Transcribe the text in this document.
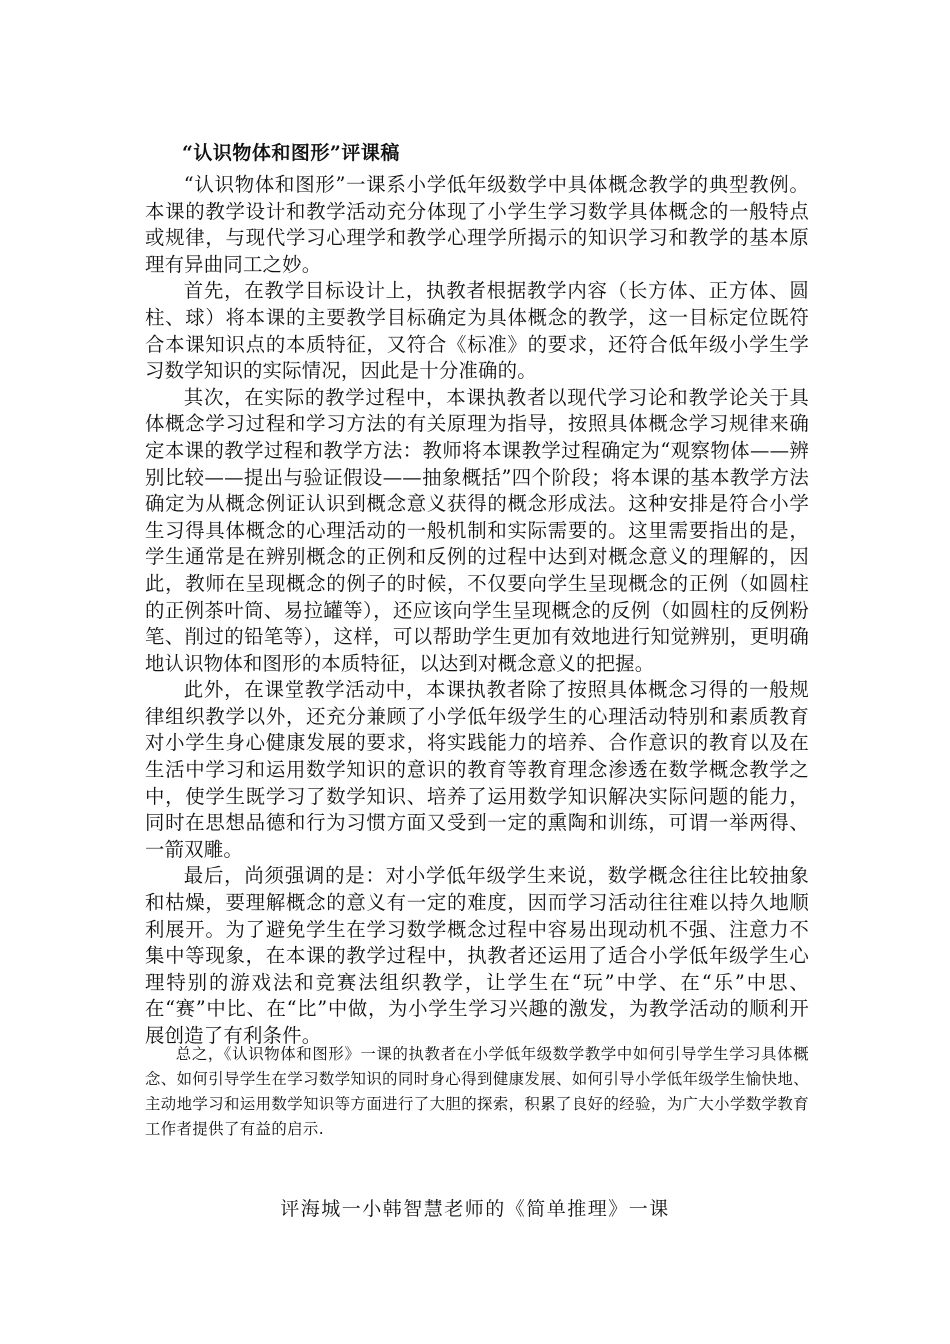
“认识物体和图形”评课稿

“认识物体和图形”一课系小学低年级数学中具体概念教学的典型教例。本课的教学设计和教学活动充分体现了小学生学习数学具体概念的一般特点或规律，与现代学习心理学和教学心理学所揭示的知识学习和教学的基本原理有异曲同工之妙。

首先，在教学目标设计上，执教者根据教学内容（长方体、正方体、圆柱、球）将本课的主要教学目标确定为具体概念的教学，这一目标定位既符合本课知识点的本质特征，又符合《标准》的要求，还符合低年级小学生学习数学知识的实际情况，因此是十分准确的。

其次，在实际的教学过程中，本课执教者以现代学习论和教学论关于具体概念学习过程和学习方法的有关原理为指导，按照具体概念学习规律来确定本课的教学过程和教学方法：教师将本课教学过程确定为“观察物体——辨别比较——提出与验证假设——抽象概括”四个阶段；将本课的基本教学方法确定为从概念例证认识到概念意义获得的概念形成法。这种安排是符合小学生习得具体概念的心理活动的一般机制和实际需要的。这里需要指出的是，学生通常是在辨别概念的正例和反例的过程中达到对概念意义的理解的，因此，教师在呈现概念的例子的时候，不仅要向学生呈现概念的正例（如圆柱的正例茶叶筒、易拉罐等），还应该向学生呈现概念的反例（如圆柱的反例粉笔、削过的铅笔等），这样，可以帮助学生更加有效地进行知觉辨别，更明确地认识物体和图形的本质特征，以达到对概念意义的把握。

此外，在课堂教学活动中，本课执教者除了按照具体概念习得的一般规律组织教学以外，还充分兼顾了小学低年级学生的心理活动特别和素质教育对小学生身心健康发展的要求，将实践能力的培养、合作意识的教育以及在生活中学习和运用数学知识的意识的教育等教育理念渗透在数学概念教学之中，使学生既学习了数学知识、培养了运用数学知识解决实际问题的能力，同时在思想品德和行为习惯方面又受到一定的熏陶和训练，可谓一举两得、一箭双雕。

最后，尚须强调的是：对小学低年级学生来说，数学概念往往比较抽象和枯燥，要理解概念的意义有一定的难度，因而学习活动往往难以持久地顺利展开。为了避免学生在学习数学概念过程中容易出现动机不强、注意力不集中等现象，在本课的教学过程中，执教者还运用了适合小学低年级学生心理特别的游戏法和竞赛法组织教学，让学生在“玩”中学、在“乐”中思、在“赛”中比、在“比”中做，为小学生学习兴趣的激发，为教学活动的顺利开展创造了有利条件。

总之，《认识物体和图形》一课的执教者在小学低年级数学教学中如何引导学生学习具体概念、如何引导学生在学习数学知识的同时身心得到健康发展、如何引导小学低年级学生愉快地、主动地学习和运用数学知识等方面进行了大胆的探索，积累了良好的经验，为广大小学数学教育工作者提供了有益的启示.

评海城一小韩智慧老师的《简单推理》一课
